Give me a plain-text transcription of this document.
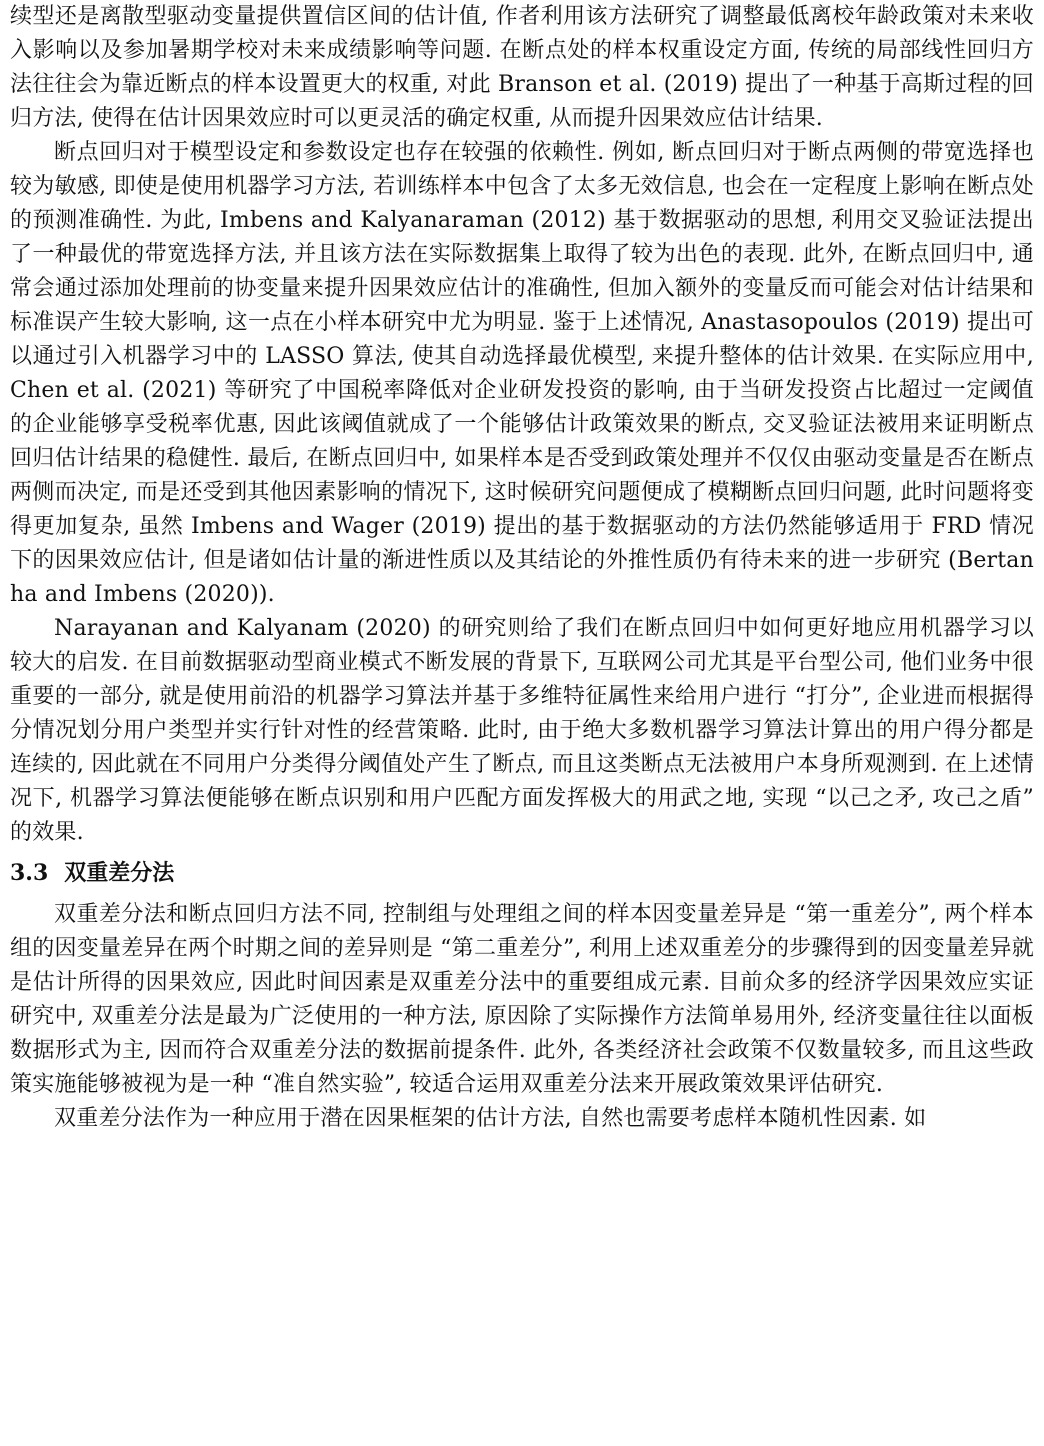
续型还是离散型驱动变量提供置信区间的估计值, 作者利用该方法研究了调整最低离校年龄政策对未来收入影响以及参加暑期学校对未来成绩影响等问题. 在断点处的样本权重设定方面, 传统的局部线性回归方法往往会为靠近断点的样本设置更大的权重, 对此 Branson et al. (2019) 提出了一种基于高斯过程的回归方法, 使得在估计因果效应时可以更灵活的确定权重, 从而提升因果效应估计结果.

断点回归对于模型设定和参数设定也存在较强的依赖性. 例如, 断点回归对于断点两侧的带宽选择也较为敏感, 即使是使用机器学习方法, 若训练样本中包含了太多无效信息, 也会在一定程度上影响在断点处的预测准确性. 为此, Imbens and Kalyanaraman (2012) 基于数据驱动的思想, 利用交叉验证法提出了一种最优的带宽选择方法, 并且该方法在实际数据集上取得了较为出色的表现. 此外, 在断点回归中, 通常会通过添加处理前的协变量来提升因果效应估计的准确性, 但加入额外的变量反而可能会对估计结果和标准误产生较大影响, 这一点在小样本研究中尤为明显. 鉴于上述情况, Anastasopoulos (2019) 提出可以通过引入机器学习中的 LASSO 算法, 使其自动选择最优模型, 来提升整体的估计效果. 在实际应用中, Chen et al. (2021) 等研究了中国税率降低对企业研发投资的影响, 由于当研发投资占比超过一定阈值的企业能够享受税率优惠, 因此该阈值就成了一个能够估计政策效果的断点, 交叉验证法被用来证明断点回归估计结果的稳健性. 最后, 在断点回归中, 如果样本是否受到政策处理并不仅仅由驱动变量是否在断点两侧而决定, 而是还受到其他因素影响的情况下, 这时候研究问题便成了模糊断点回归问题, 此时问题将变得更加复杂, 虽然 Imbens and Wager (2019) 提出的基于数据驱动的方法仍然能够适用于 FRD 情况下的因果效应估计, 但是诸如估计量的渐进性质以及其结论的外推性质仍有待未来的进一步研究 (Bertanha and Imbens (2020)).

Narayanan and Kalyanam (2020) 的研究则给了我们在断点回归中如何更好地应用机器学习以较大的启发. 在目前数据驱动型商业模式不断发展的背景下, 互联网公司尤其是平台型公司, 他们业务中很重要的一部分, 就是使用前沿的机器学习算法并基于多维特征属性来给用户进行 “打分”, 企业进而根据得分情况划分用户类型并实行针对性的经营策略. 此时, 由于绝大多数机器学习算法计算出的用户得分都是连续的, 因此就在不同用户分类得分阈值处产生了断点, 而且这类断点无法被用户本身所观测到. 在上述情况下, 机器学习算法便能够在断点识别和用户匹配方面发挥极大的用武之地, 实现 “以己之矛, 攻己之盾” 的效果.

3.3 双重差分法

双重差分法和断点回归方法不同, 控制组与处理组之间的样本因变量差异是 “第一重差分”, 两个样本组的因变量差异在两个时期之间的差异则是 “第二重差分”, 利用上述双重差分的步骤得到的因变量差异就是估计所得的因果效应, 因此时间因素是双重差分法中的重要组成元素. 目前众多的经济学因果效应实证研究中, 双重差分法是最为广泛使用的一种方法, 原因除了实际操作方法简单易用外, 经济变量往往以面板数据形式为主, 因而符合双重差分法的数据前提条件. 此外, 各类经济社会政策不仅数量较多, 而且这些政策实施能够被视为是一种 “准自然实验”, 较适合运用双重差分法来开展政策效果评估研究.

双重差分法作为一种应用于潜在因果框架的估计方法, 自然也需要考虑样本随机性因素. 如
